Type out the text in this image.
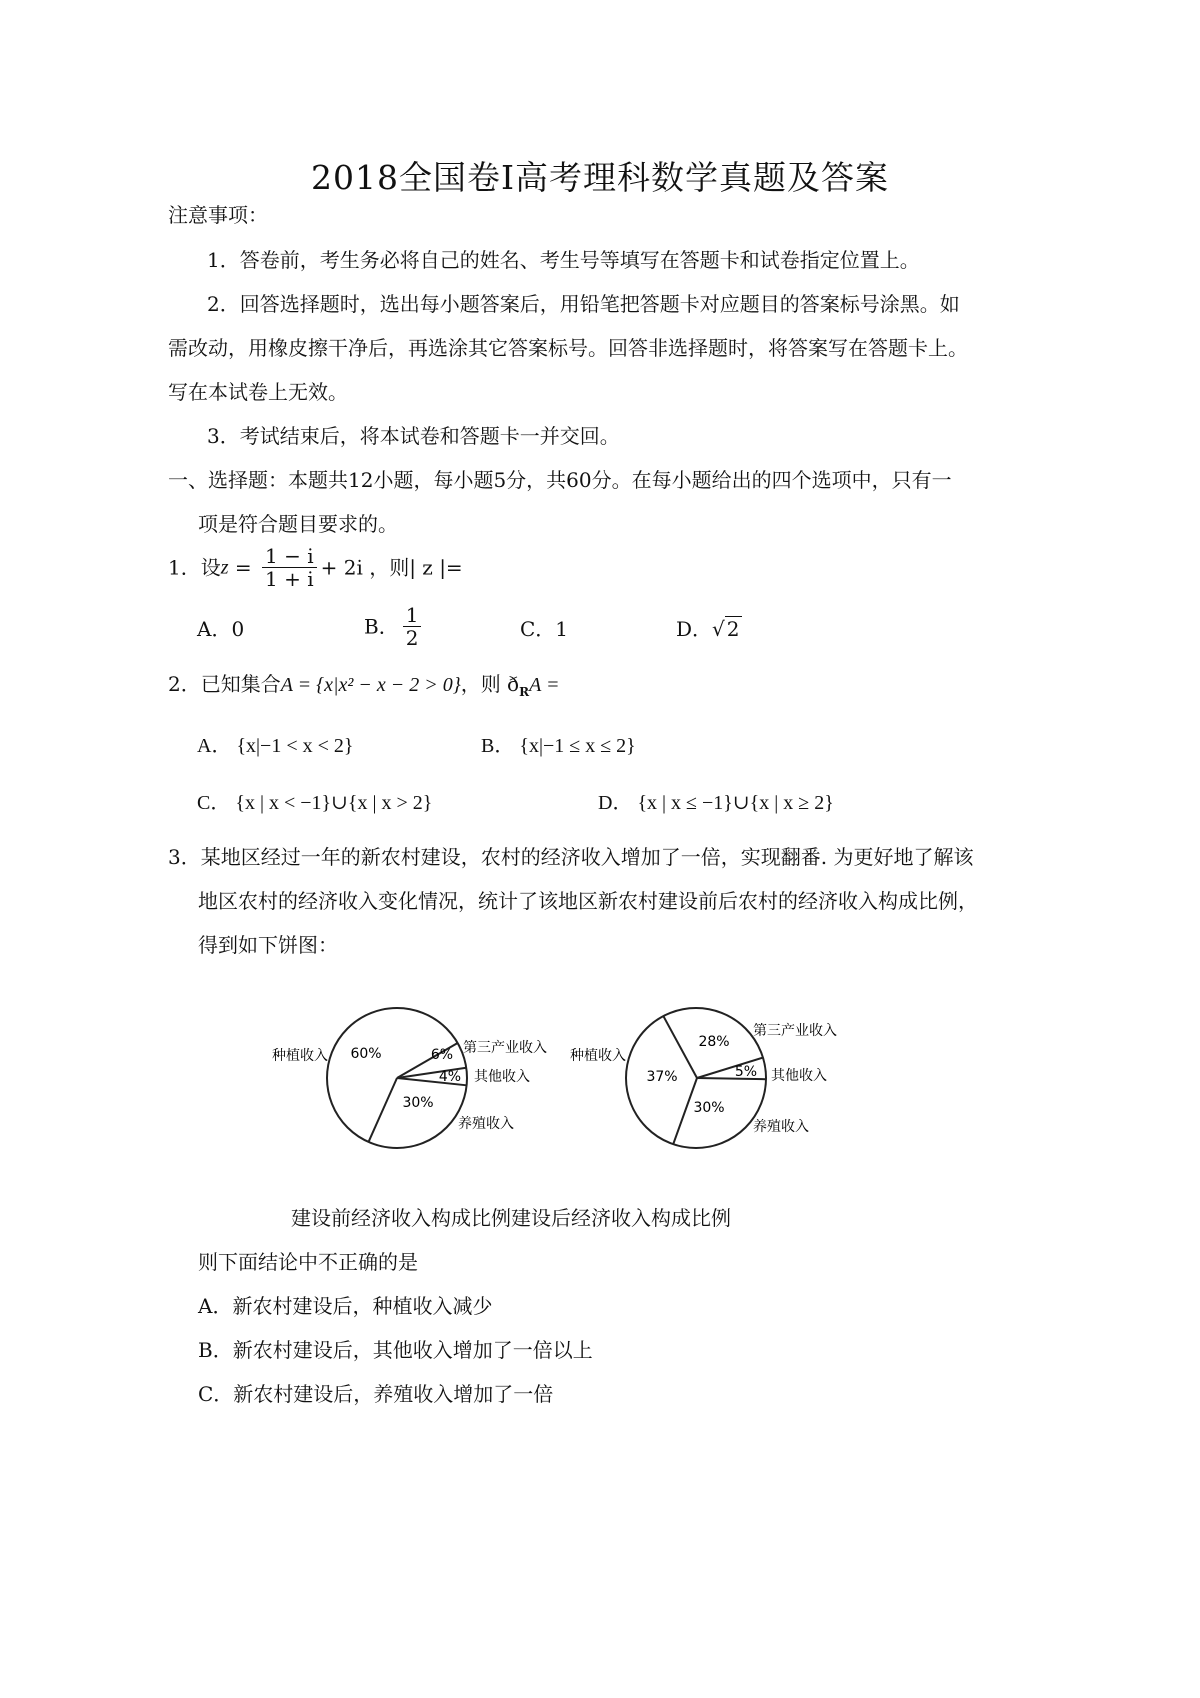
2018全国卷Ⅰ高考理科数学真题及答案
注意事项：
1．答卷前，考生务必将自己的姓名、考生号等填写在答题卡和试卷指定位置上。
2．回答选择题时，选出每小题答案后，用铅笔把答题卡对应题目的答案标号涂黑。如
需改动，用橡皮擦干净后，再选涂其它答案标号。回答非选择题时，将答案写在答题卡上。
写在本试卷上无效。
3．考试结束后，将本试卷和答题卡一并交回。
一、选择题：本题共12小题，每小题5分，共60分。在每小题给出的四个选项中，只有一
项是符合题目要求的。
1．设$z = \frac{1 - i}{1 + i} + 2i$ ，则| z |=
A．0	B． $\frac{1}{2}$	C．1	D．√ 2
2．已知集合A = {x|x² − x − 2 > 0}，则 $ð_RA$ =
A． {x|−1 < x < 2}	B． {x|−1 ≤ x ≤ 2}
C． {x | x < −1}∪{x | x > 2}	D． {x | x ≤ −1}∪{x | x ≥ 2}
3．某地区经过一年的新农村建设，农村的经济收入增加了一倍，实现翻番. 为更好地了解该
地区农村的经济收入变化情况，统计了该地区新农村建设前后农村的经济收入构成比例，
得到如下饼图：
60%
种植收入	6% 第三产业收入
4% 其他收入
30%
养殖收入
37%
种植收入
28%
第三产业收入
5% 其他收入
30%
养殖收入
建设前经济收入构成比例建设后经济收入构成比例
则下面结论中不正确的是
A．新农村建设后，种植收入减少
B．新农村建设后，其他收入增加了一倍以上
C．新农村建设后，养殖收入增加了一倍
